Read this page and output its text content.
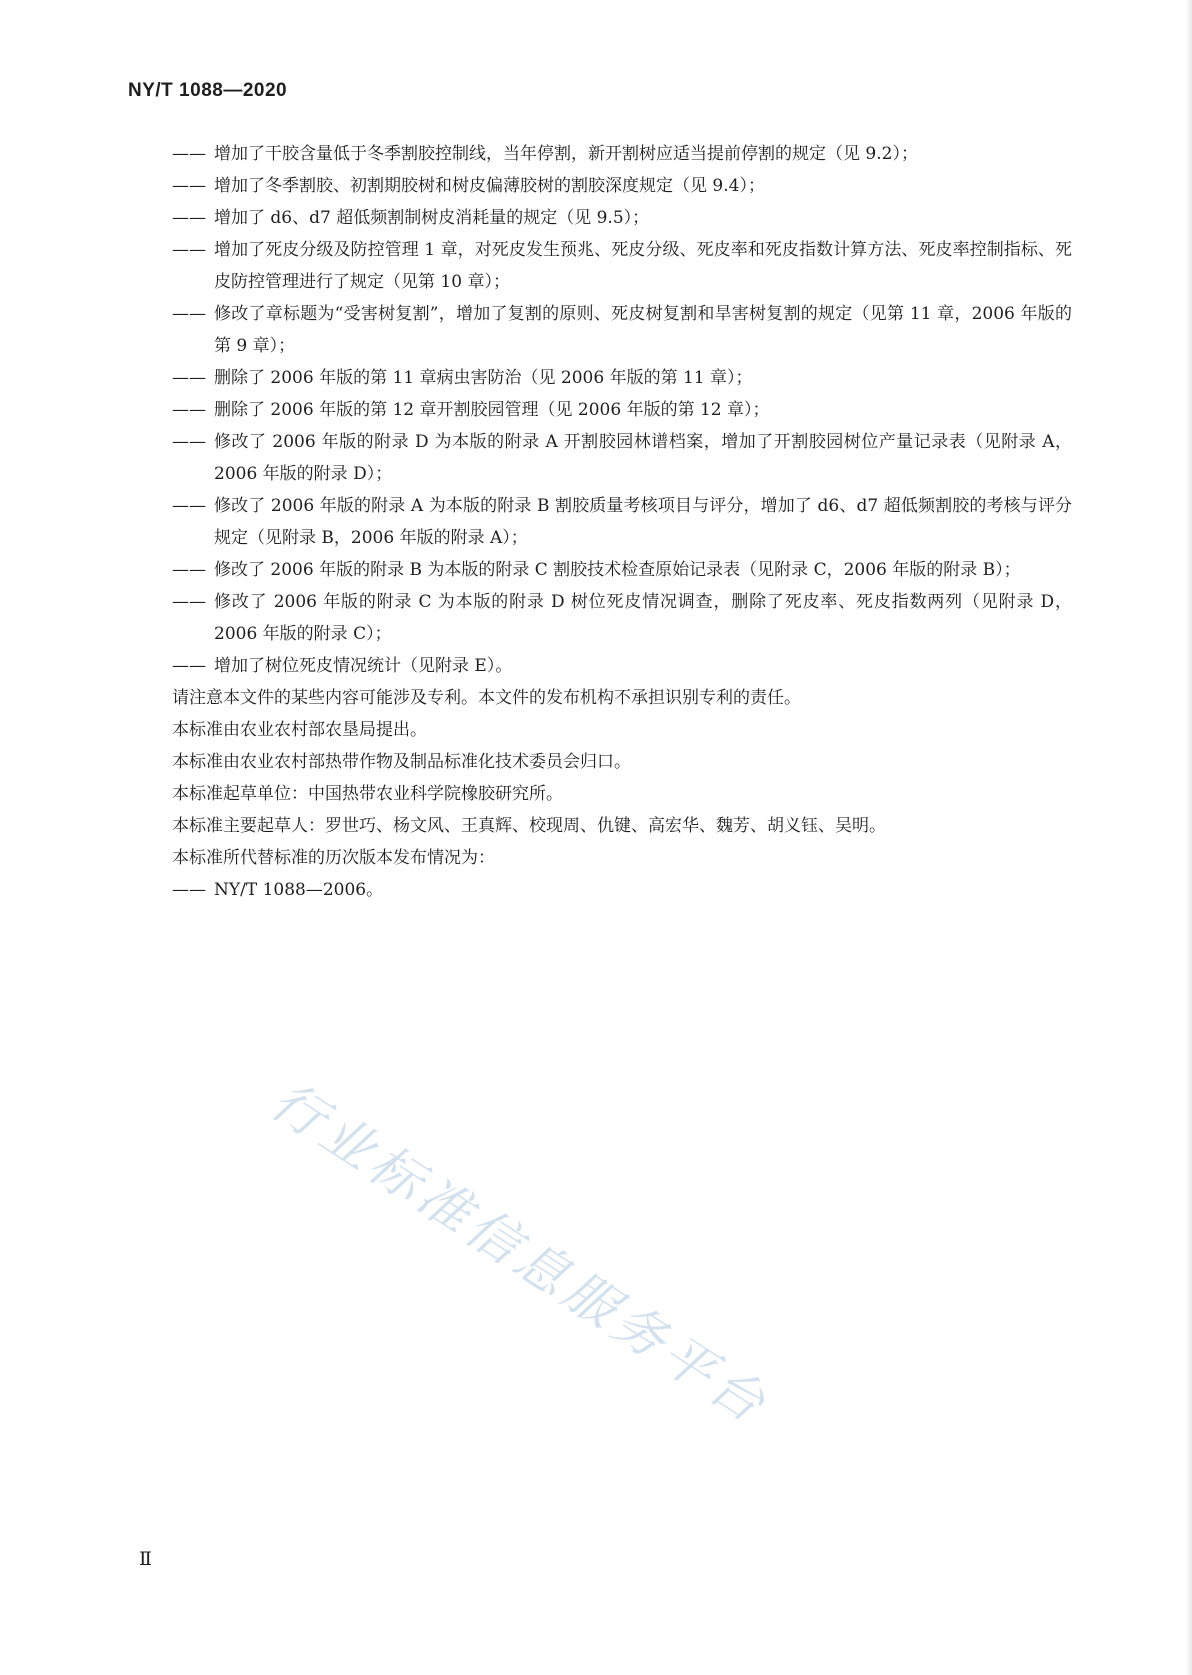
NY/T 1088—2020
—— 增加了干胶含量低于冬季割胶控制线，当年停割，新开割树应适当提前停割的规定（见 9.2）；
—— 增加了冬季割胶、初割期胶树和树皮偏薄胶树的割胶深度规定（见 9.4）；
—— 增加了 d6、d7 超低频割制树皮消耗量的规定（见 9.5）；
—— 增加了死皮分级及防控管理 1 章，对死皮发生预兆、死皮分级、死皮率和死皮指数计算方法、死皮率控制指标、死皮防控管理进行了规定（见第 10 章）；
—— 修改了章标题为“受害树复割”，增加了复割的原则、死皮树复割和旱害树复割的规定（见第 11 章，2006 年版的第 9 章）；
—— 删除了 2006 年版的第 11 章病虫害防治（见 2006 年版的第 11 章）；
—— 删除了 2006 年版的第 12 章开割胶园管理（见 2006 年版的第 12 章）；
—— 修改了 2006 年版的附录 D 为本版的附录 A 开割胶园林谱档案，增加了开割胶园树位产量记录表（见附录 A，2006 年版的附录 D）；
—— 修改了 2006 年版的附录 A 为本版的附录 B 割胶质量考核项目与评分，增加了 d6、d7 超低频割胶的考核与评分规定（见附录 B，2006 年版的附录 A）；
—— 修改了 2006 年版的附录 B 为本版的附录 C 割胶技术检查原始记录表（见附录 C，2006 年版的附录 B）；
—— 修改了 2006 年版的附录 C 为本版的附录 D 树位死皮情况调查，删除了死皮率、死皮指数两列（见附录 D，2006 年版的附录 C）；
—— 增加了树位死皮情况统计（见附录 E）。
请注意本文件的某些内容可能涉及专利。本文件的发布机构不承担识别专利的责任。
本标准由农业农村部农垦局提出。
本标准由农业农村部热带作物及制品标准化技术委员会归口。
本标准起草单位：中国热带农业科学院橡胶研究所。
本标准主要起草人：罗世巧、杨文风、王真辉、校现周、仇键、高宏华、魏芳、胡义钰、吴明。
本标准所代替标准的历次版本发布情况为：
—— NY/T 1088—2006。
行业标准信息服务平台
Ⅱ
